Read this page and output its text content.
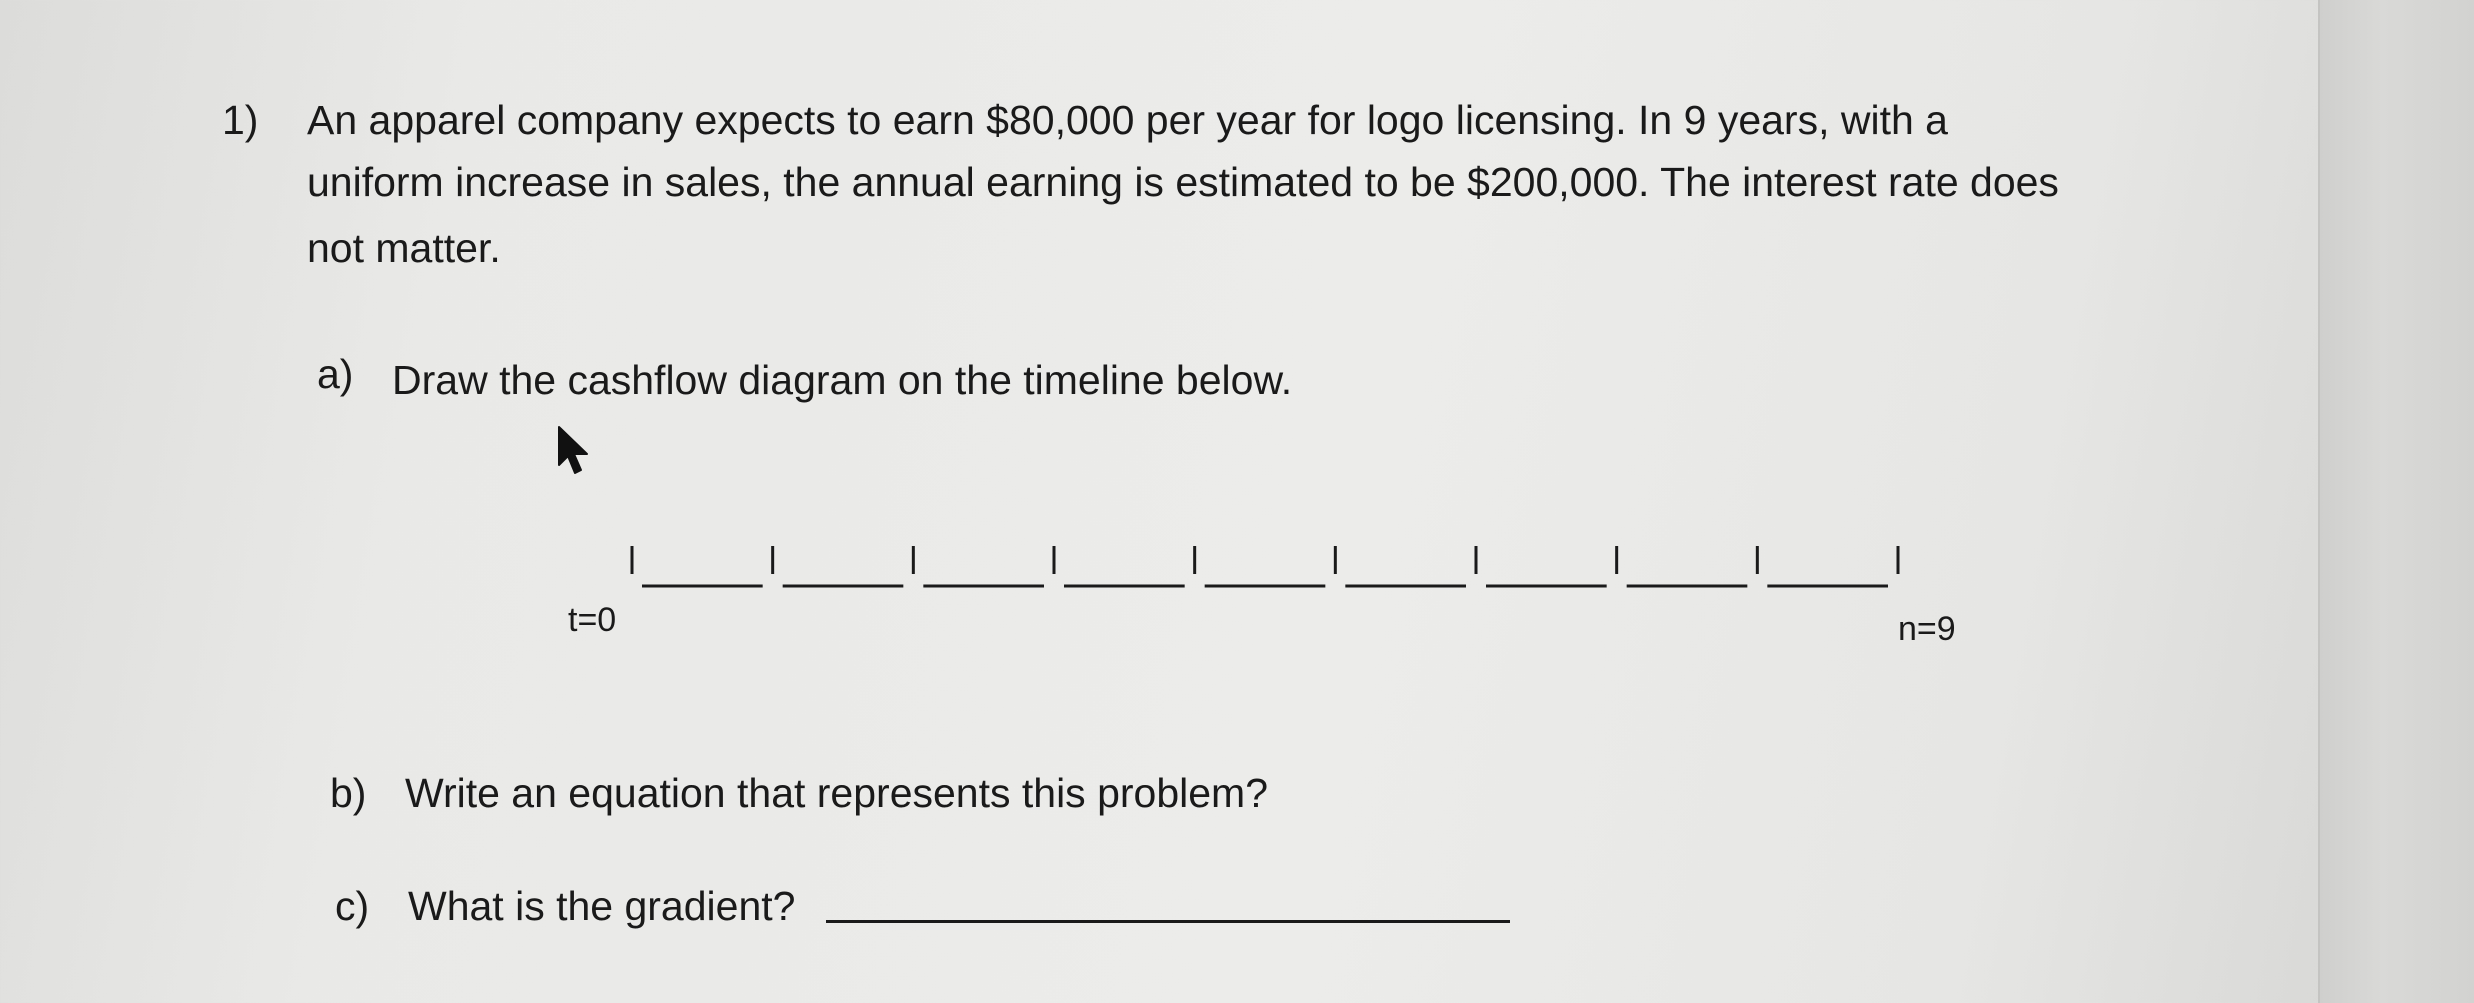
1) An apparel company expects to earn $80,000 per year for logo licensing. In 9 years, with a
uniform increase in sales, the annual earning is estimated to be $200,000. The interest rate does
not matter.
a) Draw the cashflow diagram on the timeline below.
t=0	n=9
b) Write an equation that represents this problem?
c) What is the gradient?
